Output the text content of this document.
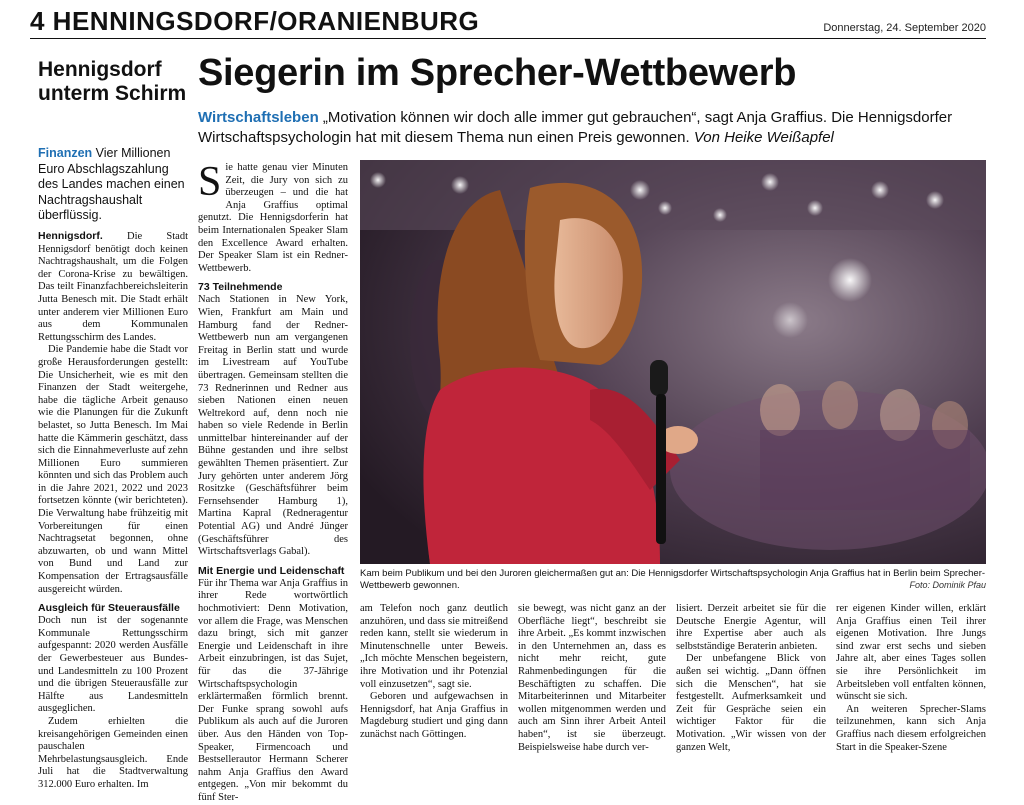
4 HENNINGSDORF/ORANIENBURG	Donnerstag, 24. September 2020
Hennigsdorf unterm Schirm
Finanzen Vier Millionen Euro Abschlagszahlung des Landes machen einen Nachtragshaushalt überflüssig.

Hennigsdorf. Die Stadt Hennigsdorf benötigt doch keinen Nachtragshaushalt, um die Folgen der Corona-Krise zu bewältigen. Das teilt Finanzfachbereichsleiterin Jutta Benesch mit. Die Stadt erhält unter anderem vier Millionen Euro aus dem Kommunalen Rettungsschirm des Landes.

Die Pandemie habe die Stadt vor große Herausforderungen gestellt: Die Unsicherheit, wie es mit den Finanzen der Stadt weitergehe, habe die tägliche Arbeit genauso wie die Planungen für die Zukunft belastet, so Jutta Benesch. Im Mai hatte die Kämmerin geschätzt, dass sich die Einnahmeverluste auf zehn Millionen Euro summieren könnten und sich das Problem auch in die Jahre 2021, 2022 und 2023 fortsetzen könnte (wir berichteten). Die Verwaltung habe frühzeitig mit Vorbereitungen für einen Nachtragsetat begonnen, ohne abzuwarten, ob und wann Mittel von Bund und Land zur Kompensation der Ertragsausfälle ausgereicht würden.

Ausgleich für Steuerausfälle

Doch nun ist der sogenannte Kommunale Rettungsschirm aufgespannt: 2020 werden Ausfälle der Gewerbesteuer aus Bundes- und Landesmitteln zu 100 Prozent und die übrigen Steuerausfälle zur Hälfte aus Landesmitteln ausgeglichen.

Zudem erhielten die kreisangehörigen Gemeinden einen pauschalen Mehrbelastungsausgleich. Ende Juli hat die Stadtverwaltung 312.000 Euro erhalten. Im

Siegerin im Sprecher-Wettbewerb
Wirtschaftsleben „Motivation können wir doch alle immer gut gebrauchen“, sagt Anja Graffius. Die Hennigsdorfer Wirtschaftspsychologin hat mit diesem Thema nun einen Preis gewonnen. Von Heike Weißapfel

Sie hatte genau vier Minuten Zeit, die Jury von sich zu überzeugen – und die hat Anja Graffius optimal genutzt. Die Hennigsdorferin hat beim Internationalen Speaker Slam den Excellence Award erhalten. Der Speaker Slam ist ein Redner-Wettbewerb.

73 Teilnehmende

Nach Stationen in New York, Wien, Frankfurt am Main und Hamburg fand der Redner-Wettbewerb nun am vergangenen Freitag in Berlin statt und wurde im Livestream auf YouTube übertragen. Gemeinsam stellten die 73 Rednerinnen und Redner aus sieben Nationen einen neuen Weltrekord auf, denn noch nie haben so viele Redende in Berlin unmittelbar hintereinander auf der Bühne gestanden und ihre selbst gewählten Themen präsentiert. Zur Jury gehörten unter anderem Jörg Rositzke (Geschäftsführer beim Fernsehsender Hamburg 1), Martina Kapral (Redneragentur Potential AG) und André Jünger (Geschäftsführer des Wirtschaftsverlags Gabal).

Mit Energie und Leidenschaft

Für ihr Thema war Anja Graffius in ihrer Rede wortwörtlich hochmotiviert: Denn Motivation, vor allem die Frage, was Menschen dazu bringt, sich mit ganzer Energie und Leidenschaft in ihre Arbeit einzubringen, ist das Sujet, für das die 37-Jährige Wirtschaftspsychologin erklärtermaßen förmlich brennt. Der Funke sprang sowohl aufs Publikum als auch auf die Juroren über. Aus den Händen von Top-Speaker, Firmencoach und Bestsellerautor Hermann Scherer nahm Anja Graffius den Award entgegen. „Von mir bekommt du fünf Ster-

Kam beim Publikum und bei den Juroren gleichermaßen gut an: Die Hennigsdorfer Wirtschaftspsychologin Anja Graffius hat in Berlin beim Sprecher-Wettbewerb gewonnen.	Foto: Dominik Pfau

am Telefon noch ganz deutlich anzuhören, und dass sie mitreißend reden kann, stellt sie wiederum in Minutenschnelle unter Beweis. „Ich möchte Menschen begeistern, ihre Motivation und ihr Potenzial voll einzusetzen“, sagt sie.

Geboren und aufgewachsen in Hennigsdorf, hat Anja Graffius in Magdeburg studiert und ging dann zunächst nach Göttingen.

sie bewegt, was nicht ganz an der Oberfläche liegt“, beschreibt sie ihre Arbeit. „Es kommt inzwischen in den Unternehmen an, dass es nicht mehr reicht, gute Rahmenbedingungen für die Beschäftigten zu schaffen. Die Mitarbeiterinnen und Mitarbeiter wollen mitgenommen werden und auch am Sinn ihrer Arbeit Anteil haben“, ist sie überzeugt. Beispielsweise habe durch ver-

lisiert. Derzeit arbeitet sie für die Deutsche Energie Agentur, will ihre Expertise aber auch als selbstständige Beraterin anbieten.

Der unbefangene Blick von außen sei wichtig. „Dann öffnen sich die Menschen“, hat sie festgestellt. Aufmerksamkeit und Zeit für Gespräche seien ein wichtiger Faktor für die Motivation. „Wir wissen von der ganzen Welt,

rer eigenen Kinder willen, erklärt Anja Graffius einen Teil ihrer eigenen Motivation. Ihre Jungs sind zwar erst sechs und sieben Jahre alt, aber eines Tages sollen sie ihre Persönlichkeit im Arbeitsleben voll entfalten können, wünscht sie sich.

An weiteren Sprecher-Slams teilzunehmen, kann sich Anja Graffius nach diesem erfolgreichen Start in die Speaker-Szene
